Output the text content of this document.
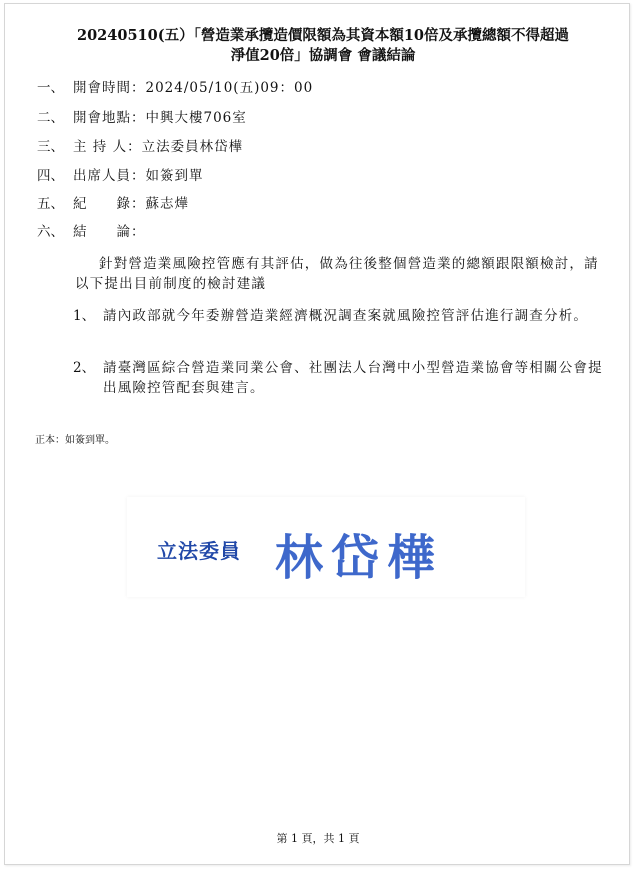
20240510(五）「營造業承攬造價限額為其資本額10倍及承攬總額不得超過
淨值20倍」協調會 會議結論
一、 開會時間：2024/05/10(五)09：00
二、 開會地點：中興大樓706室
三、 主 持 人：立法委員林岱樺
四、 出席人員：如簽到單
五、 紀　　錄：蘇志燁
六、 結　　論：
針對營造業風險控管應有其評估，做為往後整個營造業的總額跟限額檢討，請以下提出目前制度的檢討建議
1、 請內政部就今年委辦營造業經濟概況調查案就風險控管評估進行調查分析。
2、 請臺灣區綜合營造業同業公會、社團法人台灣中小型營造業協會等相關公會提出風險控管配套與建言。
正本：如簽到單。
立法委員 林岱樺
第 1 頁，共 1 頁
